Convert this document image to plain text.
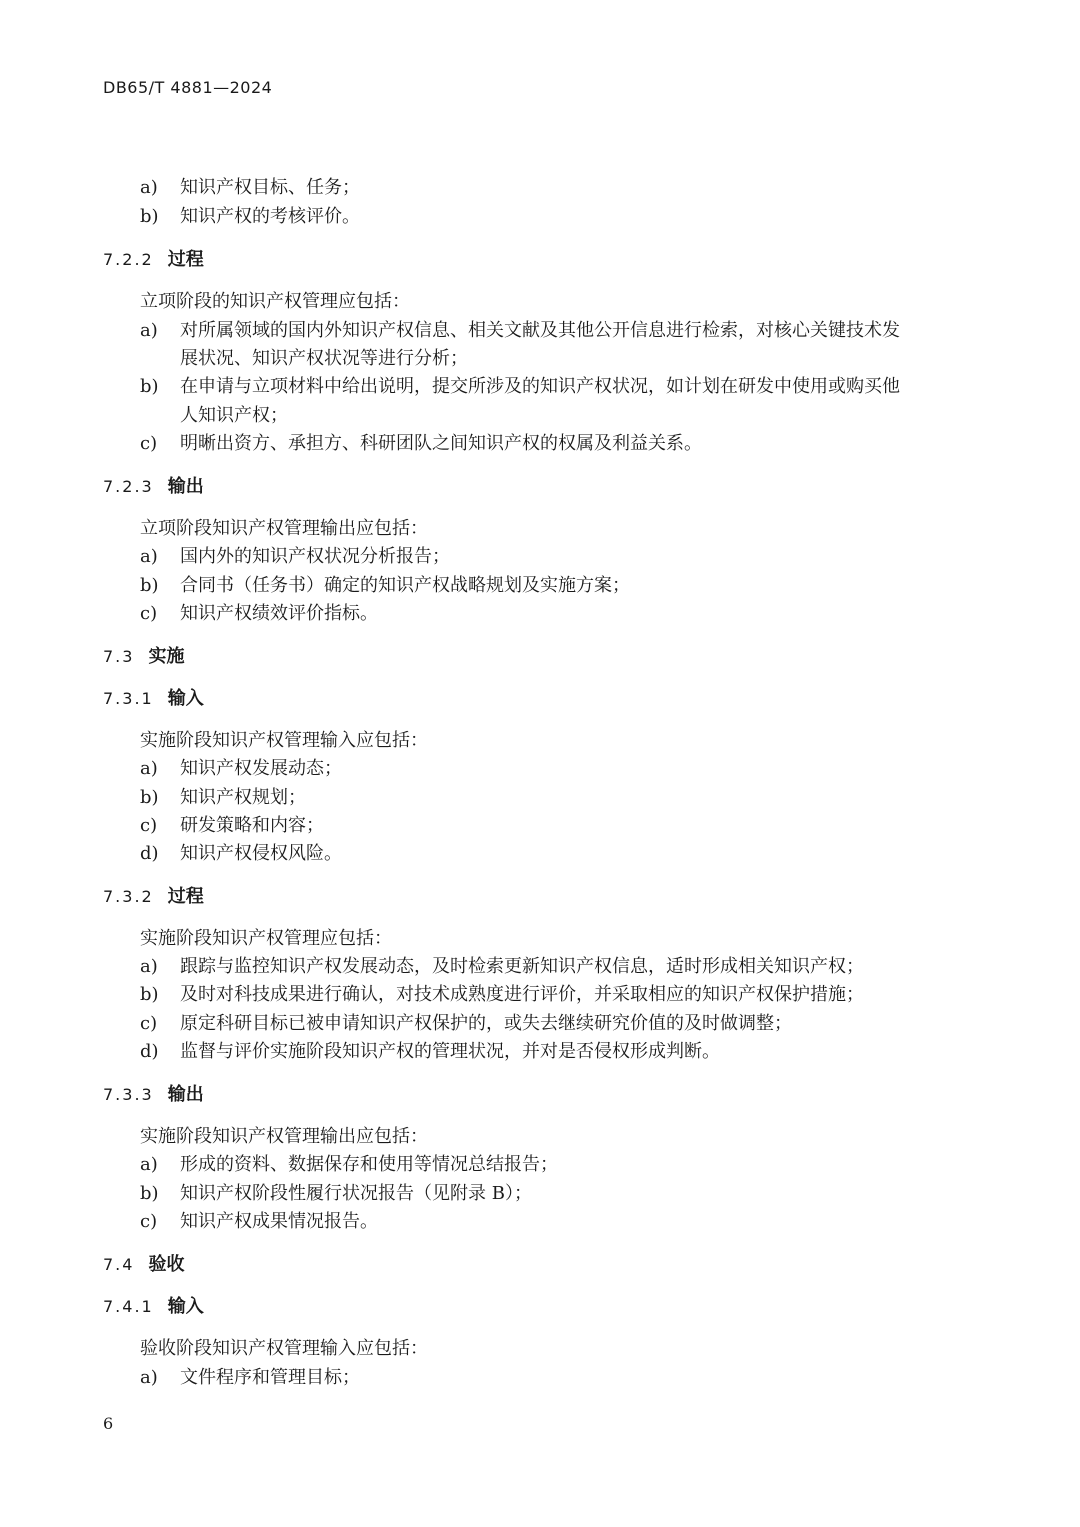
DB65/T 4881—2024
a) 知识产权目标、任务；
b) 知识产权的考核评价。
7.2.2 过程
立项阶段的知识产权管理应包括：
a) 对所属领域的国内外知识产权信息、相关文献及其他公开信息进行检索，对核心关键技术发
展状况、知识产权状况等进行分析；
b) 在申请与立项材料中给出说明，提交所涉及的知识产权状况，如计划在研发中使用或购买他
人知识产权；
c) 明晰出资方、承担方、科研团队之间知识产权的权属及利益关系。
7.2.3 输出
立项阶段知识产权管理输出应包括：
a) 国内外的知识产权状况分析报告；
b) 合同书（任务书）确定的知识产权战略规划及实施方案；
c) 知识产权绩效评价指标。
7.3 实施
7.3.1 输入
实施阶段知识产权管理输入应包括：
a) 知识产权发展动态；
b) 知识产权规划；
c) 研发策略和内容；
d) 知识产权侵权风险。
7.3.2 过程
实施阶段知识产权管理应包括：
a) 跟踪与监控知识产权发展动态，及时检索更新知识产权信息，适时形成相关知识产权；
b) 及时对科技成果进行确认，对技术成熟度进行评价，并采取相应的知识产权保护措施；
c) 原定科研目标已被申请知识产权保护的，或失去继续研究价值的及时做调整；
d) 监督与评价实施阶段知识产权的管理状况，并对是否侵权形成判断。
7.3.3 输出
实施阶段知识产权管理输出应包括：
a) 形成的资料、数据保存和使用等情况总结报告；
b) 知识产权阶段性履行状况报告（见附录 B）；
c) 知识产权成果情况报告。
7.4 验收
7.4.1 输入
验收阶段知识产权管理输入应包括：
a) 文件程序和管理目标；
6
